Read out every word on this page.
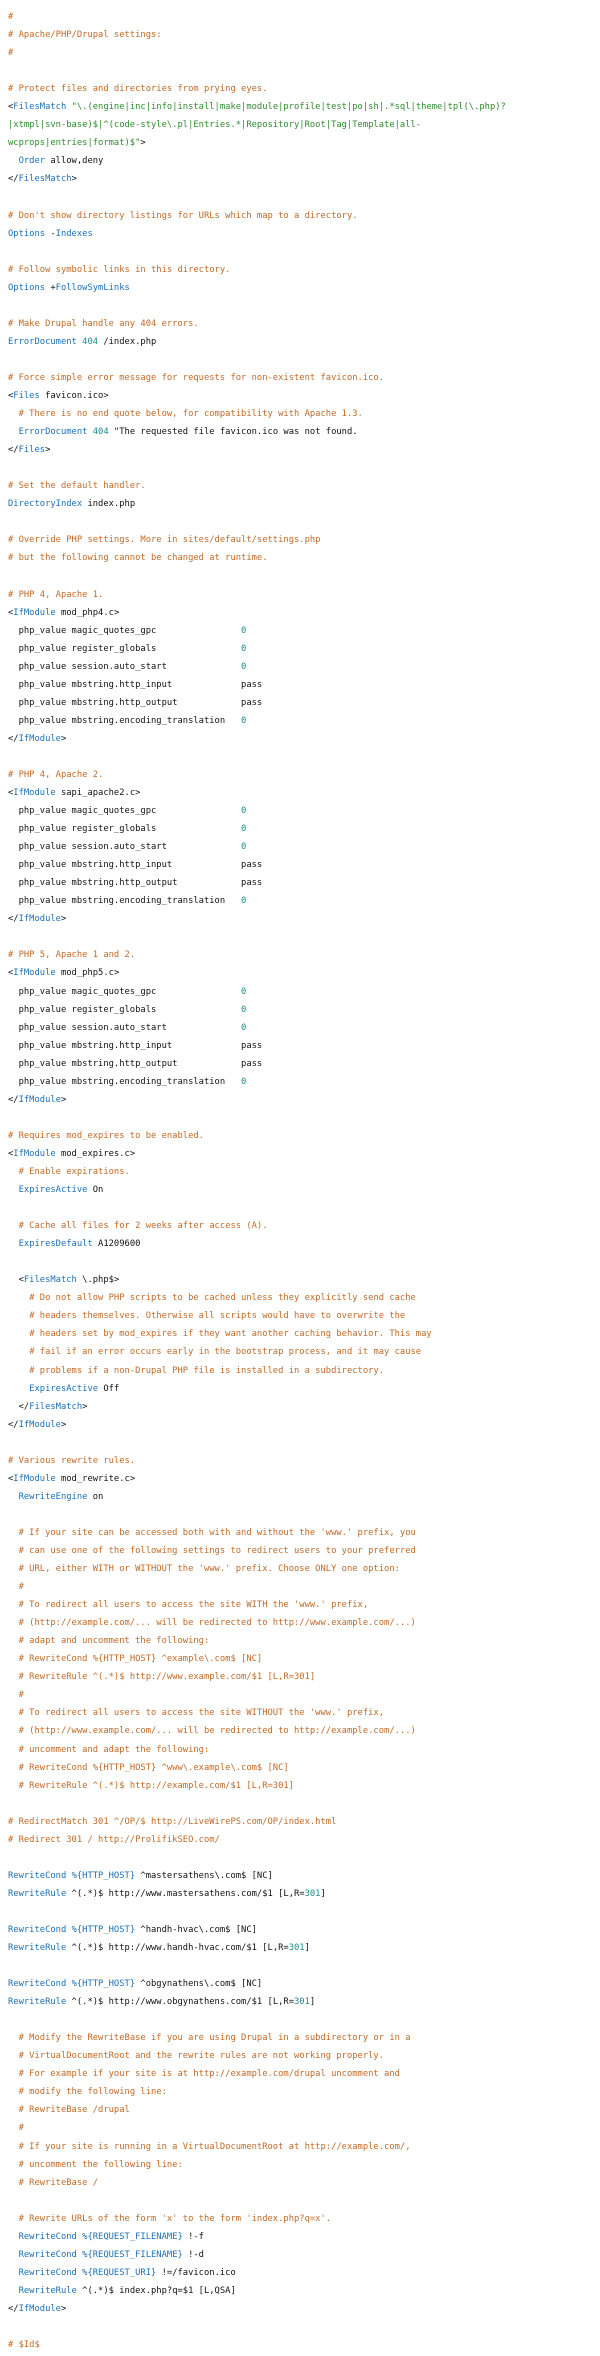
#
# Apache/PHP/Drupal settings:
#
# Protect files and directories from prying eyes.
<FilesMatch "\.(engine|inc|info|install|make|module|profile|test|po|sh|.*sql|theme|tpl(\.php)?
|xtmpl|svn-base)$|^(code-style\.pl|Entries.*|Repository|Root|Tag|Template|all-
wcprops|entries|format)$">
Order allow,deny
</FilesMatch>
# Don't show directory listings for URLs which map to a directory.
Options -Indexes
# Follow symbolic links in this directory.
Options +FollowSymLinks
# Make Drupal handle any 404 errors.
ErrorDocument 404 /index.php
# Force simple error message for requests for non-existent favicon.ico.
<Files favicon.ico>
# There is no end quote below, for compatibility with Apache 1.3.
ErrorDocument 404 "The requested file favicon.ico was not found.
</Files>
# Set the default handler.
DirectoryIndex index.php
# Override PHP settings. More in sites/default/settings.php
# but the following cannot be changed at runtime.
# PHP 4, Apache 1.
<IfModule mod_php4.c>
php_value magic_quotes_gpc                0
php_value register_globals                0
php_value session.auto_start              0
php_value mbstring.http_input             pass
php_value mbstring.http_output            pass
php_value mbstring.encoding_translation   0
</IfModule>
# PHP 4, Apache 2.
<IfModule sapi_apache2.c>
php_value magic_quotes_gpc                0
php_value register_globals                0
php_value session.auto_start              0
php_value mbstring.http_input             pass
php_value mbstring.http_output            pass
php_value mbstring.encoding_translation   0
</IfModule>
# PHP 5, Apache 1 and 2.
<IfModule mod_php5.c>
php_value magic_quotes_gpc                0
php_value register_globals                0
php_value session.auto_start              0
php_value mbstring.http_input             pass
php_value mbstring.http_output            pass
php_value mbstring.encoding_translation   0
</IfModule>
# Requires mod_expires to be enabled.
<IfModule mod_expires.c>
# Enable expirations.
ExpiresActive On
# Cache all files for 2 weeks after access (A).
ExpiresDefault A1209600
<FilesMatch \.php$>
# Do not allow PHP scripts to be cached unless they explicitly send cache
# headers themselves. Otherwise all scripts would have to overwrite the
# headers set by mod_expires if they want another caching behavior. This may
# fail if an error occurs early in the bootstrap process, and it may cause
# problems if a non-Drupal PHP file is installed in a subdirectory.
ExpiresActive Off
</FilesMatch>
</IfModule>
# Various rewrite rules.
<IfModule mod_rewrite.c>
RewriteEngine on
# If your site can be accessed both with and without the 'www.' prefix, you
# can use one of the following settings to redirect users to your preferred
# URL, either WITH or WITHOUT the 'www.' prefix. Choose ONLY one option:
#
# To redirect all users to access the site WITH the 'www.' prefix,
# (http://example.com/... will be redirected to http://www.example.com/...)
# adapt and uncomment the following:
# RewriteCond %{HTTP_HOST} ^example\.com$ [NC]
# RewriteRule ^(.*)$ http://www.example.com/$1 [L,R=301]
#
# To redirect all users to access the site WITHOUT the 'www.' prefix,
# (http://www.example.com/... will be redirected to http://example.com/...)
# uncomment and adapt the following:
# RewriteCond %{HTTP_HOST} ^www\.example\.com$ [NC]
# RewriteRule ^(.*)$ http://example.com/$1 [L,R=301]
# RedirectMatch 301 ^/OP/$ http://LiveWirePS.com/OP/index.html
# Redirect 301 / http://ProlifikSEO.com/
RewriteCond %{HTTP_HOST} ^mastersathens\.com$ [NC]
RewriteRule ^(.*)$ http://www.mastersathens.com/$1 [L,R=301]
RewriteCond %{HTTP_HOST} ^handh-hvac\.com$ [NC]
RewriteRule ^(.*)$ http://www.handh-hvac.com/$1 [L,R=301]
RewriteCond %{HTTP_HOST} ^obgynathens\.com$ [NC]
RewriteRule ^(.*)$ http://www.obgynathens.com/$1 [L,R=301]
# Modify the RewriteBase if you are using Drupal in a subdirectory or in a
# VirtualDocumentRoot and the rewrite rules are not working properly.
# For example if your site is at http://example.com/drupal uncomment and
# modify the following line:
# RewriteBase /drupal
#
# If your site is running in a VirtualDocumentRoot at http://example.com/,
# uncomment the following line:
# RewriteBase /
# Rewrite URLs of the form 'x' to the form 'index.php?q=x'.
RewriteCond %{REQUEST_FILENAME} !-f
RewriteCond %{REQUEST_FILENAME} !-d
RewriteCond %{REQUEST_URI} !=/favicon.ico
RewriteRule ^(.*)$ index.php?q=$1 [L,QSA]
</IfModule>
# $Id$
